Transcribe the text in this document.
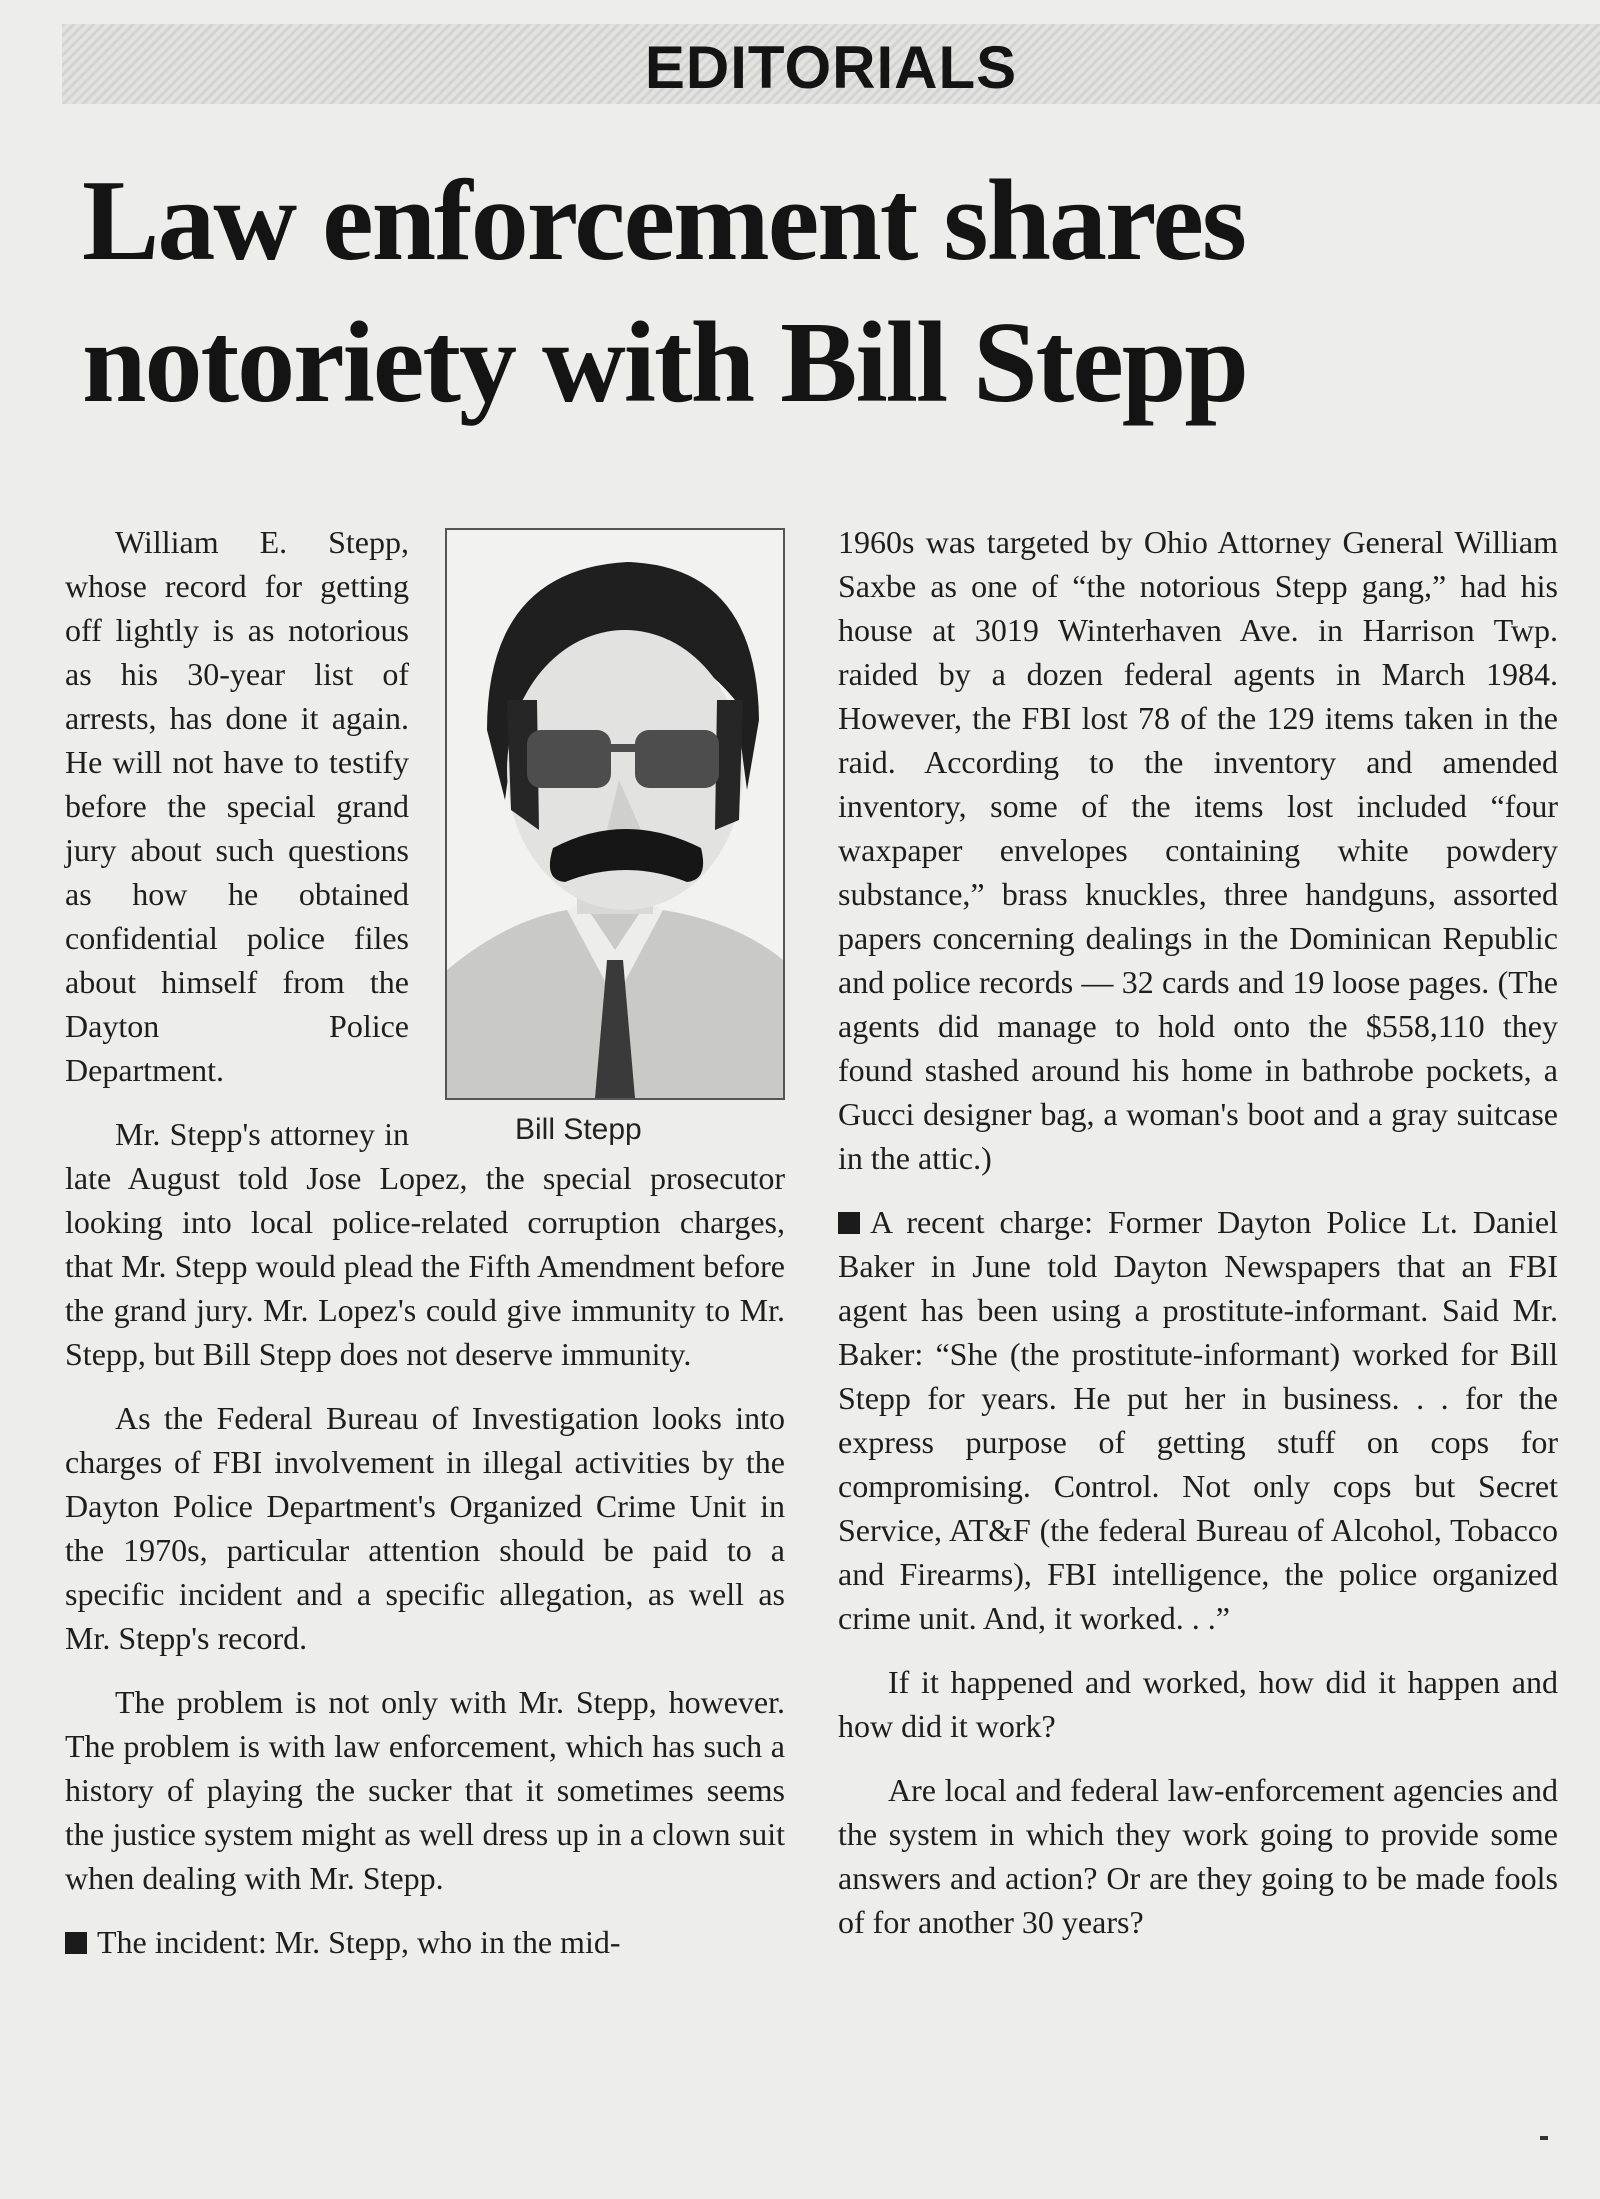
EDITORIALS
Law enforcement shares
notoriety with Bill Stepp

Bill Stepp
William E. Stepp, whose record for getting off lightly is as notorious as his 30-year list of arrests, has done it again. He will not have to testify before the special grand jury about such questions as how he obtained confidential police files about himself from the Dayton Police Department.

Mr. Stepp's attorney in late August told Jose Lopez, the special prosecutor looking into local police-related corruption charges, that Mr. Stepp would plead the Fifth Amendment before the grand jury. Mr. Lopez's could give immunity to Mr. Stepp, but Bill Stepp does not deserve immunity.

As the Federal Bureau of Investigation looks into charges of FBI involvement in illegal activities by the Dayton Police Department's Organized Crime Unit in the 1970s, particular attention should be paid to a specific incident and a specific allegation, as well as Mr. Stepp's record.

The problem is not only with Mr. Stepp, however. The problem is with law enforcement, which has such a history of playing the sucker that it sometimes seems the justice system might as well dress up in a clown suit when dealing with Mr. Stepp.

The incident: Mr. Stepp, who in the mid-

1960s was targeted by Ohio Attorney General William Saxbe as one of “the notorious Stepp gang,” had his house at 3019 Winterhaven Ave. in Harrison Twp. raided by a dozen federal agents in March 1984. However, the FBI lost 78 of the 129 items taken in the raid. According to the inventory and amended inventory, some of the items lost included “four waxpaper envelopes containing white powdery substance,” brass knuckles, three handguns, assorted papers concerning dealings in the Dominican Republic and police records — 32 cards and 19 loose pages. (The agents did manage to hold onto the $558,110 they found stashed around his home in bathrobe pockets, a Gucci designer bag, a woman's boot and a gray suitcase in the attic.)

A recent charge: Former Dayton Police Lt. Daniel Baker in June told Dayton Newspapers that an FBI agent has been using a prostitute-informant. Said Mr. Baker: “She (the prostitute-informant) worked for Bill Stepp for years. He put her in business. . . for the express purpose of getting stuff on cops for compromising. Control. Not only cops but Secret Service, AT&F (the federal Bureau of Alcohol, Tobacco and Firearms), FBI intelligence, the police organized crime unit. And, it worked. . .”

If it happened and worked, how did it happen and how did it work?

Are local and federal law-enforcement agencies and the system in which they work going to provide some answers and action? Or are they going to be made fools of for another 30 years?
